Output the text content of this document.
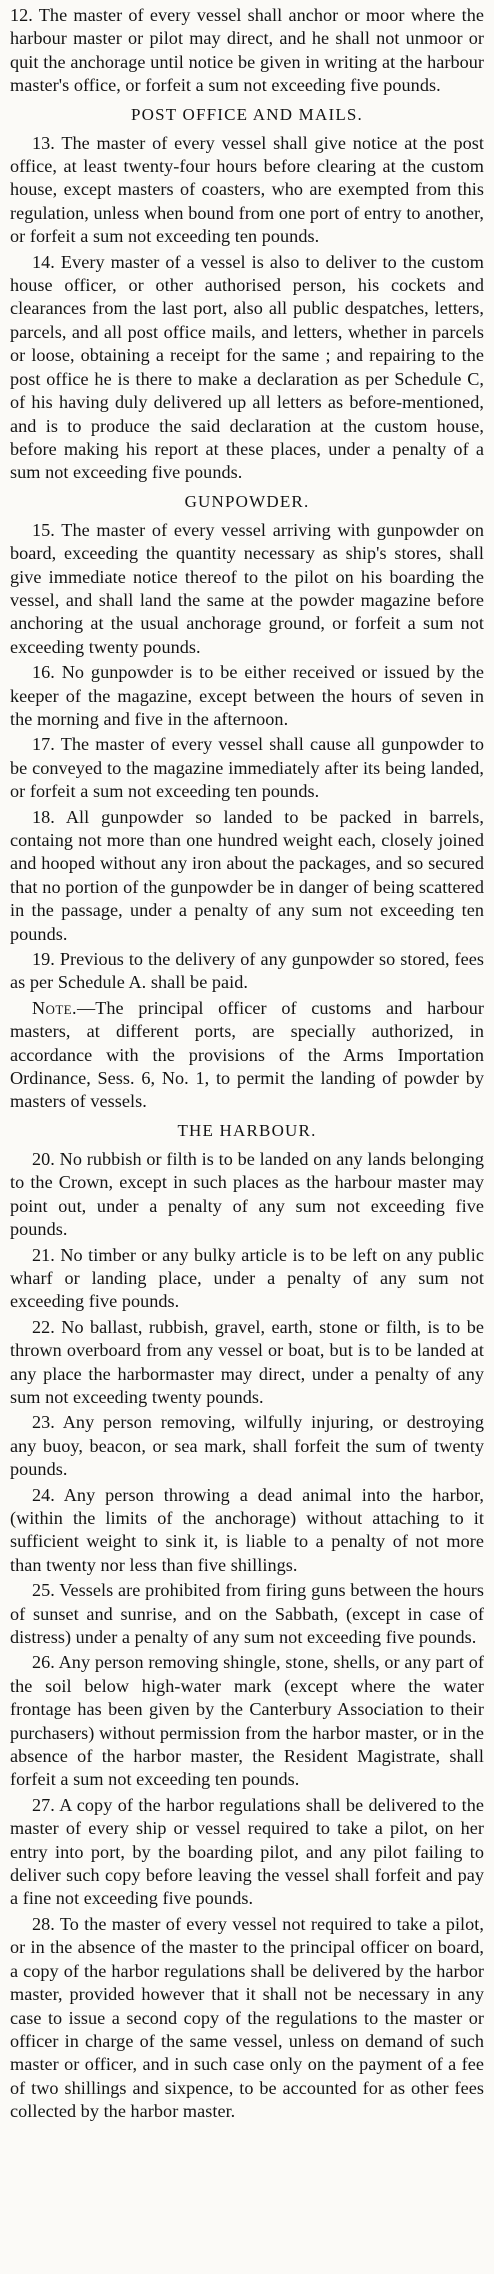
12. The master of every vessel shall anchor or moor where the harbour master or pilot may direct, and he shall not unmoor or quit the anchorage until notice be given in writing at the harbour master's office, or forfeit a sum not exceeding five pounds.

POST OFFICE AND MAILS.

13. The master of every vessel shall give notice at the post office, at least twenty-four hours before clearing at the custom house, except masters of coasters, who are exempted from this regulation, unless when bound from one port of entry to another, or forfeit a sum not exceeding ten pounds.

14. Every master of a vessel is also to deliver to the custom house officer, or other authorised person, his cockets and clearances from the last port, also all public despatches, letters, parcels, and all post office mails, and letters, whether in parcels or loose, obtaining a receipt for the same ; and repairing to the post office he is there to make a declaration as per Schedule C, of his having duly delivered up all letters as before-mentioned, and is to produce the said declaration at the custom house, before making his report at these places, under a penalty of a sum not exceeding five pounds.

GUNPOWDER.

15. The master of every vessel arriving with gunpowder on board, exceeding the quantity necessary as ship's stores, shall give immediate notice thereof to the pilot on his boarding the vessel, and shall land the same at the powder magazine before anchoring at the usual anchorage ground, or forfeit a sum not exceeding twenty pounds.

16. No gunpowder is to be either received or issued by the keeper of the magazine, except between the hours of seven in the morning and five in the afternoon.

17. The master of every vessel shall cause all gunpowder to be conveyed to the magazine immediately after its being landed, or forfeit a sum not exceeding ten pounds.

18. All gunpowder so landed to be packed in barrels, containg not more than one hundred weight each, closely joined and hooped without any iron about the packages, and so secured that no portion of the gunpowder be in danger of being scattered in the passage, under a penalty of any sum not exceeding ten pounds.

19. Previous to the delivery of any gunpowder so stored, fees as per Schedule A. shall be paid.

Note.—The principal officer of customs and harbour masters, at different ports, are specially authorized, in accordance with the provisions of the Arms Importation Ordinance, Sess. 6, No. 1, to permit the landing of powder by masters of vessels.

THE HARBOUR.

20. No rubbish or filth is to be landed on any lands belonging to the Crown, except in such places as the harbour master may point out, under a penalty of any sum not exceeding five pounds.

21. No timber or any bulky article is to be left on any public wharf or landing place, under a penalty of any sum not exceeding five pounds.

22. No ballast, rubbish, gravel, earth, stone or filth, is to be thrown overboard from any vessel or boat, but is to be landed at any place the harbormaster may direct, under a penalty of any sum not exceeding twenty pounds.

23. Any person removing, wilfully injuring, or destroying any buoy, beacon, or sea mark, shall forfeit the sum of twenty pounds.

24. Any person throwing a dead animal into the harbor, (within the limits of the anchorage) without attaching to it sufficient weight to sink it, is liable to a penalty of not more than twenty nor less than five shillings.

25. Vessels are prohibited from firing guns between the hours of sunset and sunrise, and on the Sabbath, (except in case of distress) under a penalty of any sum not exceeding five pounds.

26. Any person removing shingle, stone, shells, or any part of the soil below high-water mark (except where the water frontage has been given by the Canterbury Association to their purchasers) without permission from the harbor master, or in the absence of the harbor master, the Resident Magistrate, shall forfeit a sum not exceeding ten pounds.

27. A copy of the harbor regulations shall be delivered to the master of every ship or vessel required to take a pilot, on her entry into port, by the boarding pilot, and any pilot failing to deliver such copy before leaving the vessel shall forfeit and pay a fine not exceeding five pounds.

28. To the master of every vessel not required to take a pilot, or in the absence of the master to the principal officer on board, a copy of the harbor regulations shall be delivered by the harbor master, provided however that it shall not be necessary in any case to issue a second copy of the regulations to the master or officer in charge of the same vessel, unless on demand of such master or officer, and in such case only on the payment of a fee of two shillings and sixpence, to be accounted for as other fees collected by the harbor master.
